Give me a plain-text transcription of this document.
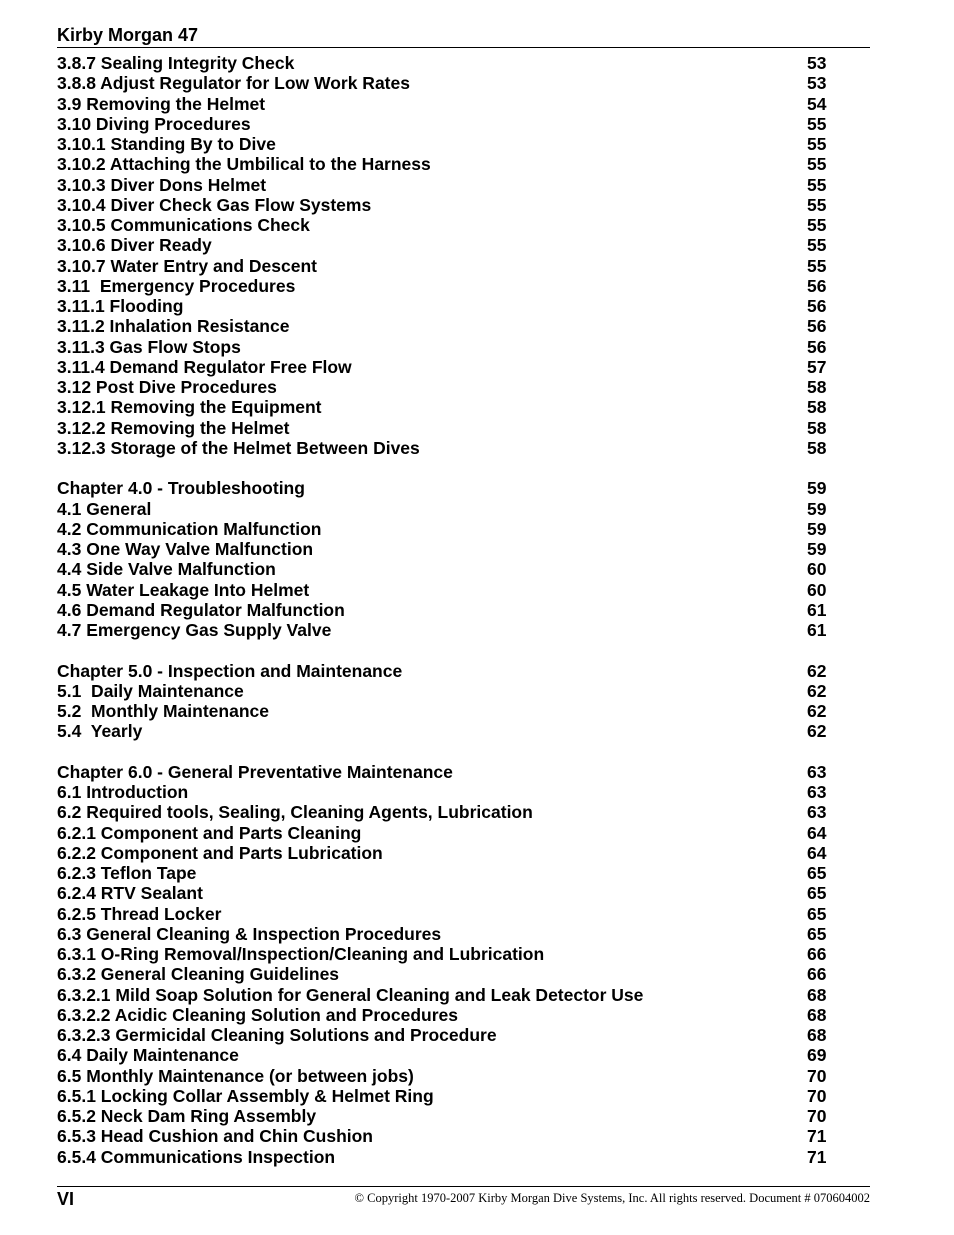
Kirby Morgan 47
3.8.7 Sealing Integrity Check	53
3.8.8 Adjust Regulator for Low Work Rates	53
3.9 Removing the Helmet	54
3.10 Diving Procedures	55
3.10.1 Standing By to Dive	55
3.10.2 Attaching the Umbilical to the Harness	55
3.10.3 Diver Dons Helmet	55
3.10.4 Diver Check Gas Flow Systems	55
3.10.5 Communications Check	55
3.10.6 Diver Ready	55
3.10.7 Water Entry and Descent	55
3.11  Emergency Procedures	56
3.11.1 Flooding	56
3.11.2 Inhalation Resistance	56
3.11.3 Gas Flow Stops	56
3.11.4 Demand Regulator Free Flow	57
3.12 Post Dive Procedures	58
3.12.1 Removing the Equipment	58
3.12.2 Removing the Helmet	58
3.12.3 Storage of the Helmet Between Dives	58
Chapter 4.0 - Troubleshooting	59
4.1 General	59
4.2 Communication Malfunction	59
4.3 One Way Valve Malfunction	59
4.4 Side Valve Malfunction	60
4.5 Water Leakage Into Helmet	60
4.6 Demand Regulator Malfunction	61
4.7 Emergency Gas Supply Valve	61
Chapter 5.0 - Inspection and Maintenance	62
5.1  Daily Maintenance	62
5.2  Monthly Maintenance	62
5.4  Yearly	62
Chapter 6.0 - General Preventative Maintenance	63
6.1 Introduction	63
6.2 Required tools, Sealing, Cleaning Agents, Lubrication	63
6.2.1 Component and Parts Cleaning	64
6.2.2 Component and Parts Lubrication	64
6.2.3 Teflon Tape	65
6.2.4 RTV Sealant	65
6.2.5 Thread Locker	65
6.3 General Cleaning & Inspection Procedures	65
6.3.1 O-Ring Removal/Inspection/Cleaning and Lubrication	66
6.3.2 General Cleaning Guidelines	66
6.3.2.1 Mild Soap Solution for General Cleaning and Leak Detector Use	68
6.3.2.2 Acidic Cleaning Solution and Procedures	68
6.3.2.3 Germicidal Cleaning Solutions and Procedure	68
6.4 Daily Maintenance	69
6.5 Monthly Maintenance (or between jobs)	70
6.5.1 Locking Collar Assembly & Helmet Ring	70
6.5.2 Neck Dam Ring Assembly	70
6.5.3 Head Cushion and Chin Cushion	71
6.5.4 Communications Inspection	71
VI	© Copyright 1970-2007 Kirby Morgan Dive Systems, Inc. All rights reserved. Document # 070604002
